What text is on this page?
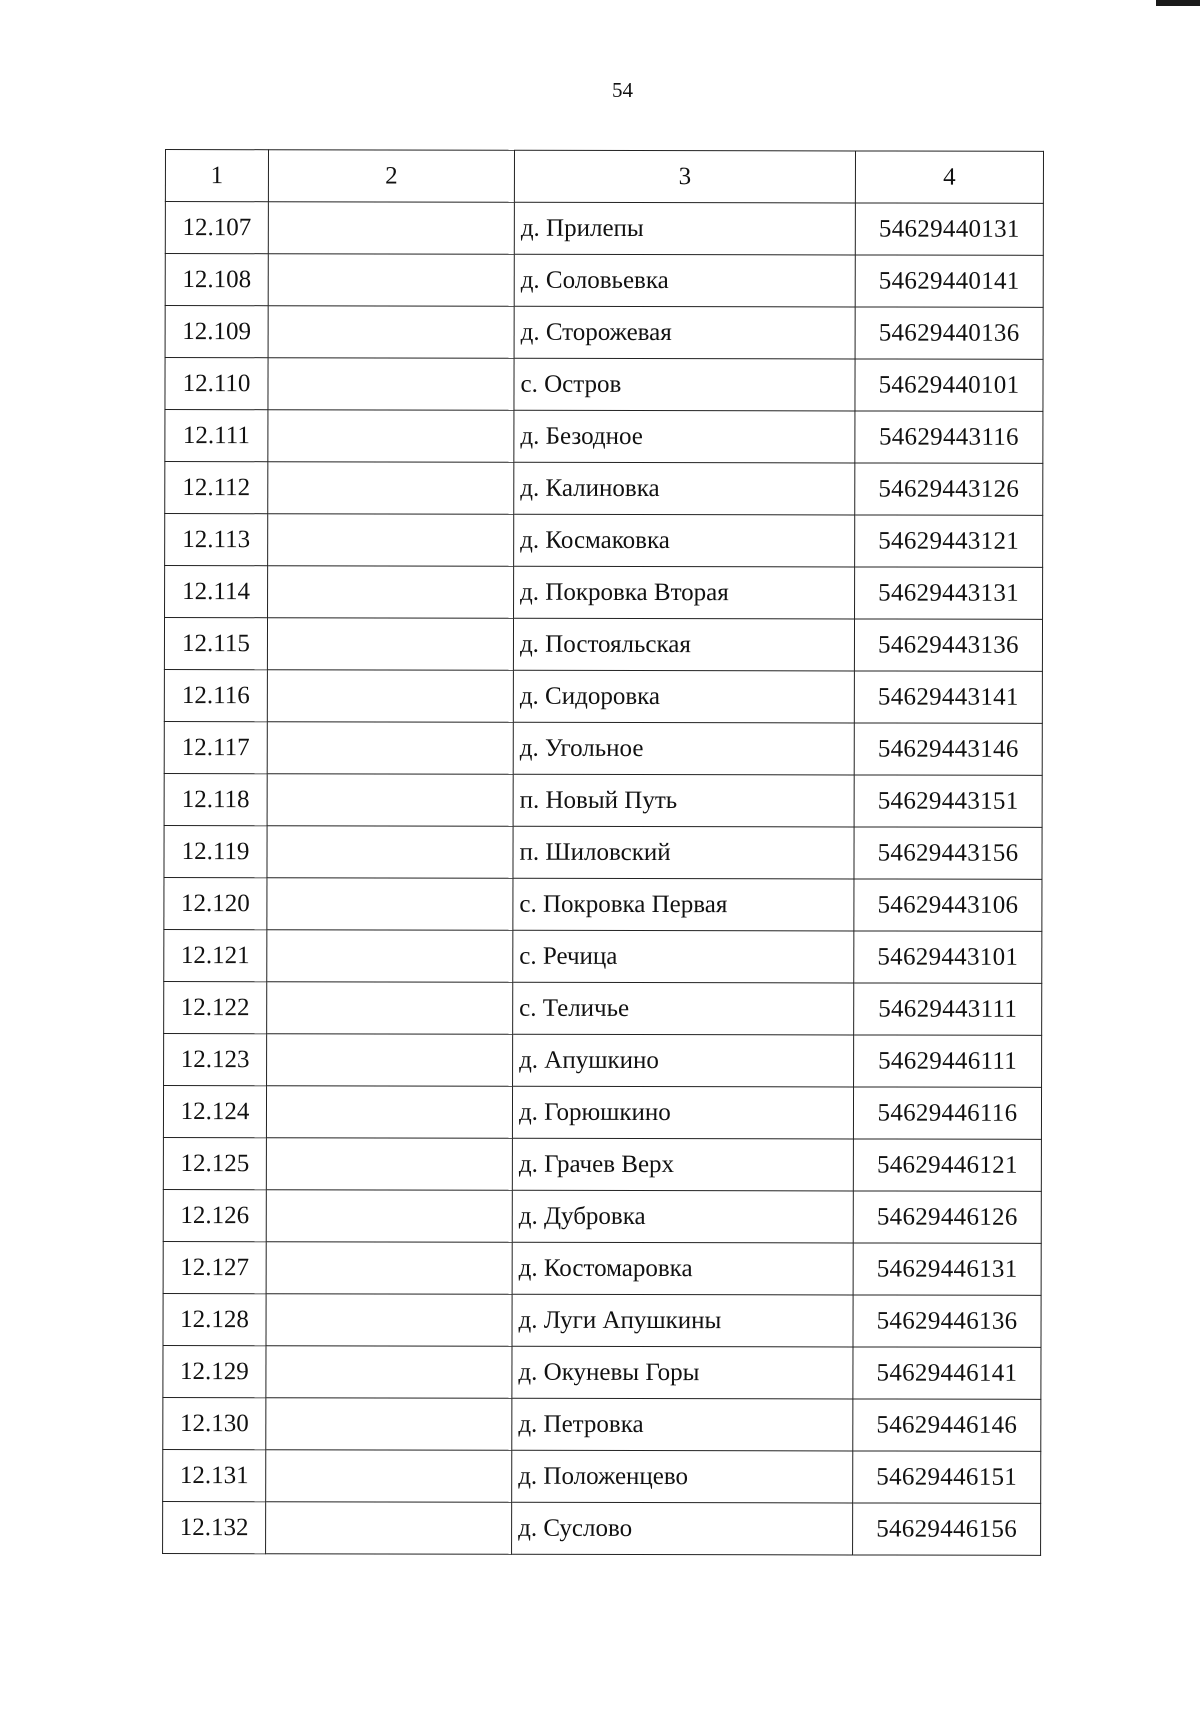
54
1	2	3	4
12.107		д. Прилепы	54629440131
12.108		д. Соловьевка	54629440141
12.109		д. Сторожевая	54629440136
12.110		с. Остров	54629440101
12.111		д. Безодное	54629443116
12.112		д. Калиновка	54629443126
12.113		д. Космаковка	54629443121
12.114		д. Покровка Вторая	54629443131
12.115		д. Постояльская	54629443136
12.116		д. Сидоровка	54629443141
12.117		д. Угольное	54629443146
12.118		п. Новый Путь	54629443151
12.119		п. Шиловский	54629443156
12.120		с. Покровка Первая	54629443106
12.121		с. Речица	54629443101
12.122		с. Теличье	54629443111
12.123		д. Апушкино	54629446111
12.124		д. Горюшкино	54629446116
12.125		д. Грачев Верх	54629446121
12.126		д. Дубровка	54629446126
12.127		д. Костомаровка	54629446131
12.128		д. Луги Апушкины	54629446136
12.129		д. Окуневы Горы	54629446141
12.130		д. Петровка	54629446146
12.131		д. Положенцево	54629446151
12.132		д. Суслово	54629446156
